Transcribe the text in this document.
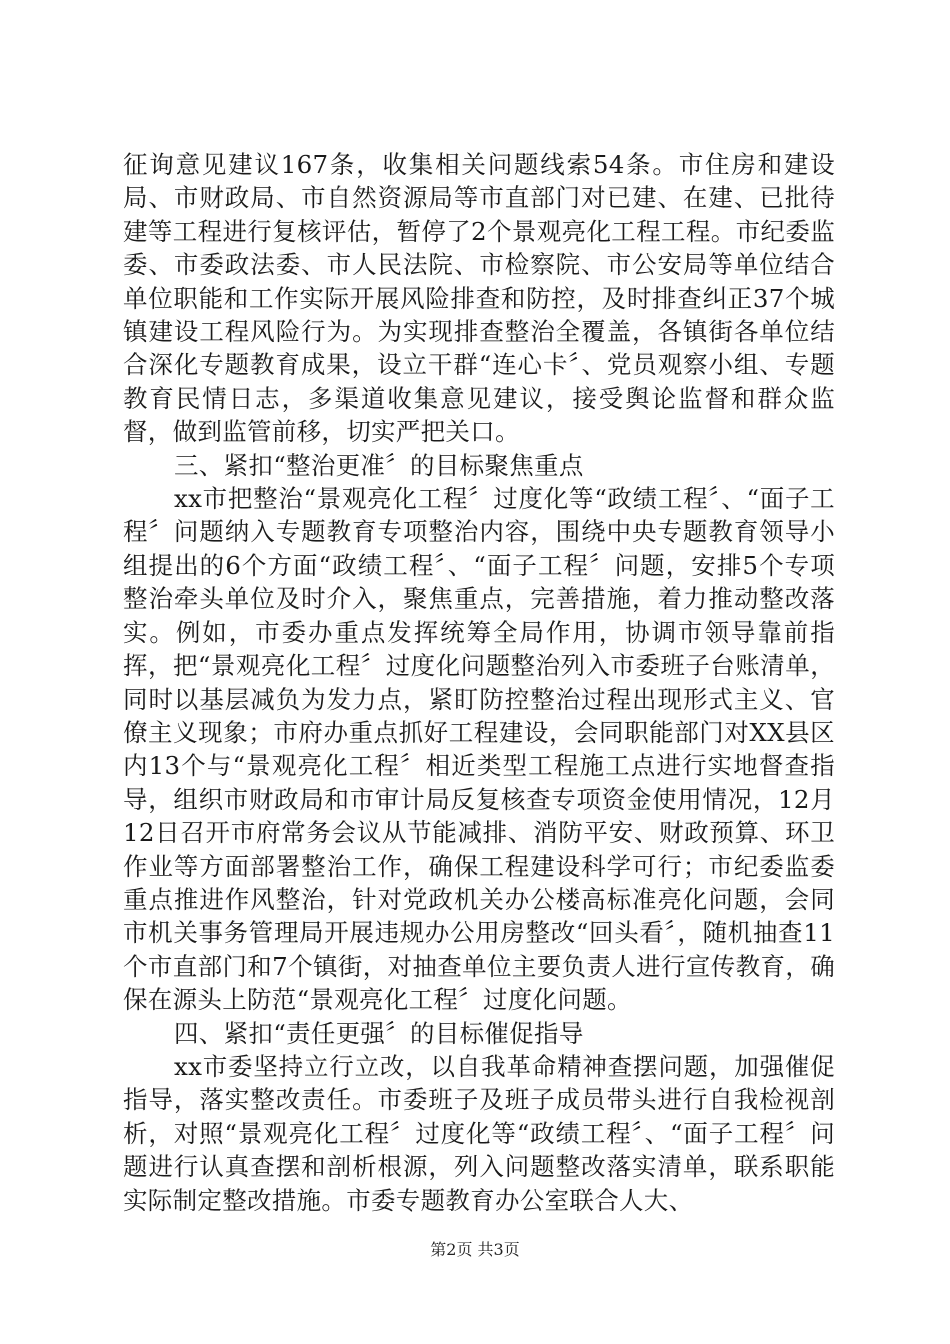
征询意见建议167条，收集相关问题线索54条。市住房和建设局、市财政局、市自然资源局等市直部门对已建、在建、已批待建等工程进行复核评估，暂停了2个景观亮化工程工程。市纪委监委、市委政法委、市人民法院、市检察院、市公安局等单位结合单位职能和工作实际开展风险排查和防控，及时排查纠正37个城镇建设工程风险行为。为实现排查整治全覆盖，各镇街各单位结合深化专题教育成果，设立干群“连心卡〞、党员观察小组、专题教育民情日志，多渠道收集意见建议，接受舆论监督和群众监督，做到监管前移，切实严把关口。

三、紧扣“整治更准〞的目标聚焦重点

xx市把整治“景观亮化工程〞过度化等“政绩工程〞、“面子工程〞问题纳入专题教育专项整治内容，围绕中央专题教育领导小组提出的6个方面“政绩工程〞、“面子工程〞问题，安排5个专项整治牵头单位及时介入，聚焦重点，完善措施，着力推动整改落实。例如，市委办重点发挥统筹全局作用，协调市领导靠前指挥，把“景观亮化工程〞过度化问题整治列入市委班子台账清单，同时以基层减负为发力点，紧盯防控整治过程出现形式主义、官僚主义现象；市府办重点抓好工程建设，会同职能部门对XX县区内13个与“景观亮化工程〞相近类型工程施工点进行实地督查指导，组织市财政局和市审计局反复核查专项资金使用情况，12月12日召开市府常务会议从节能减排、消防平安、财政预算、环卫作业等方面部署整治工作，确保工程建设科学可行；市纪委监委重点推进作风整治，针对党政机关办公楼高标准亮化问题，会同市机关事务管理局开展违规办公用房整改“回头看〞，随机抽查11个市直部门和7个镇街，对抽查单位主要负责人进行宣传教育，确保在源头上防范“景观亮化工程〞过度化问题。

四、紧扣“责任更强〞的目标催促指导

xx市委坚持立行立改，以自我革命精神查摆问题，加强催促指导，落实整改责任。市委班子及班子成员带头进行自我检视剖析，对照“景观亮化工程〞过度化等“政绩工程〞、“面子工程〞问题进行认真查摆和剖析根源，列入问题整改落实清单，联系职能实际制定整改措施。市委专题教育办公室联合人大、

第2页 共3页
